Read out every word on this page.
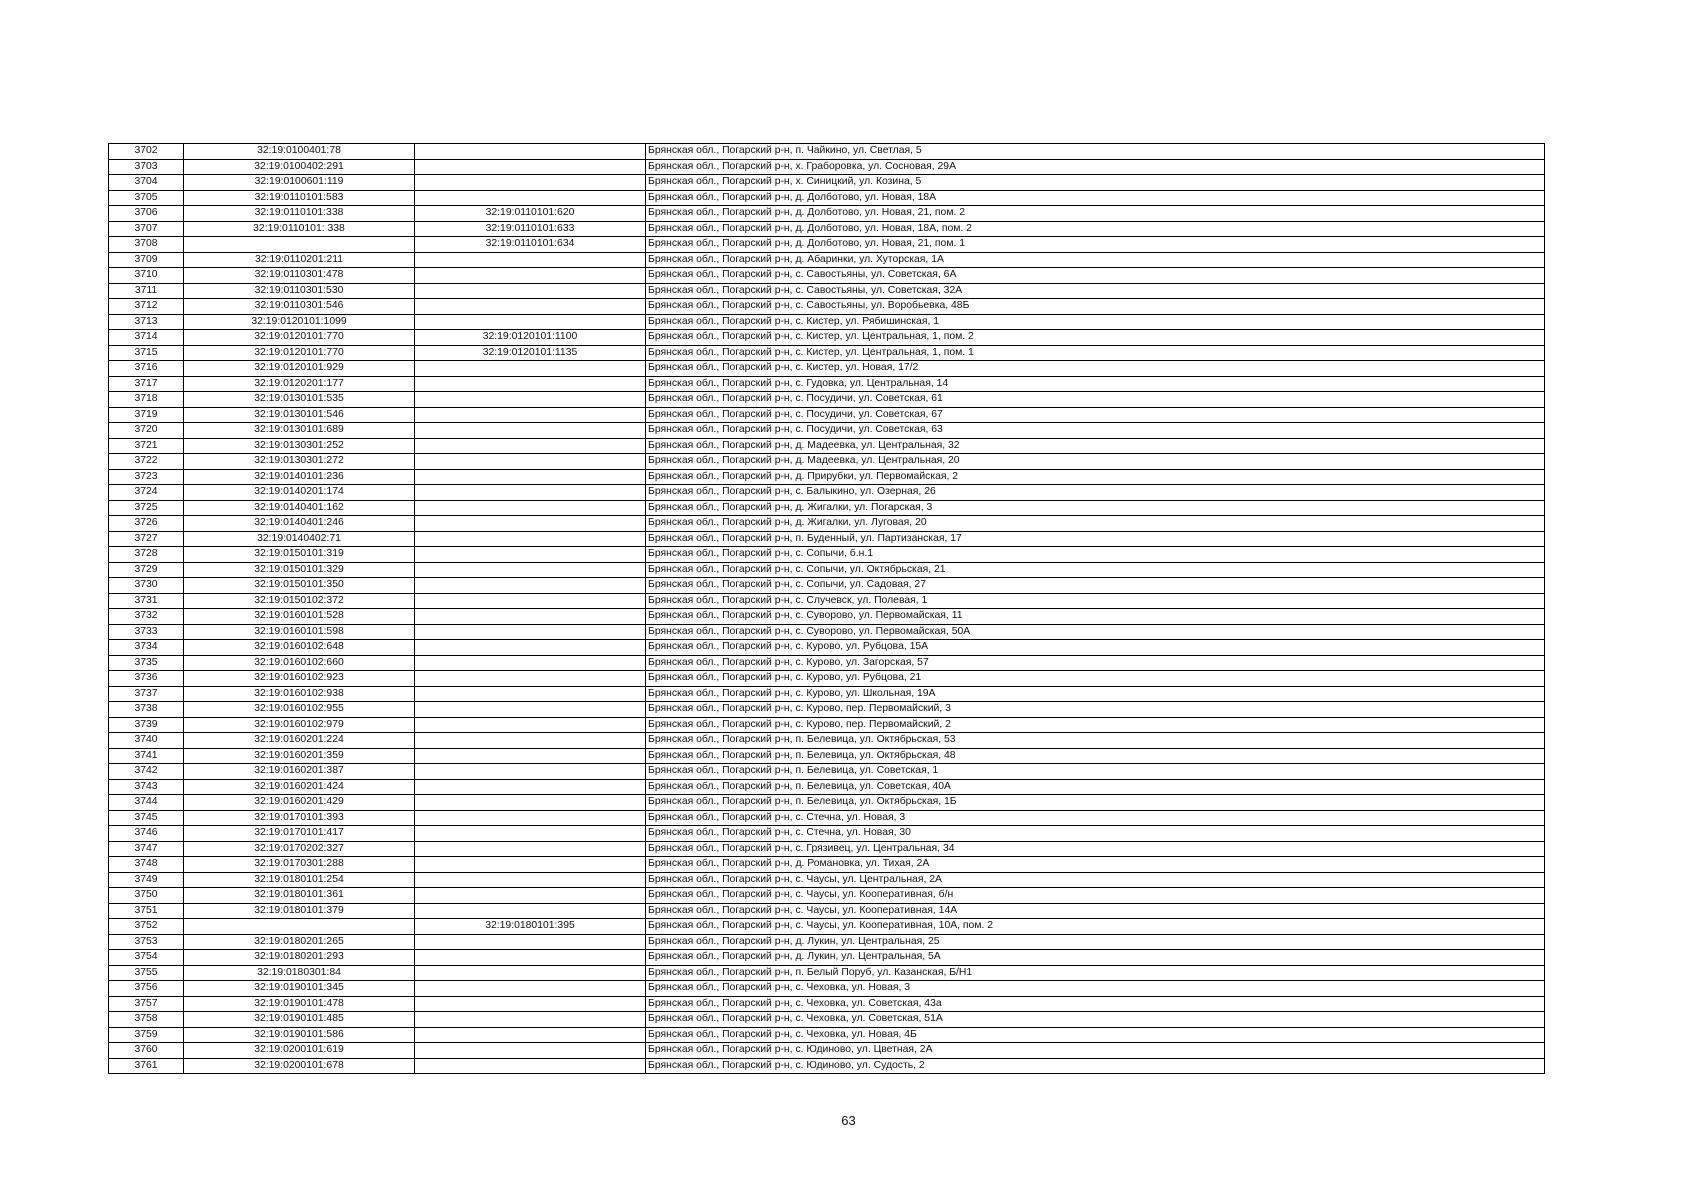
3702	32:19:0100401:78		Брянская обл., Погарский р-н, п. Чайкино, ул. Светлая, 5
3703	32:19:0100402:291		Брянская обл., Погарский р-н, х. Граборовка, ул. Сосновая, 29А
3704	32:19:0100601:119		Брянская обл., Погарский р-н, х. Синицкий, ул. Козина, 5
3705	32:19:0110101:583		Брянская обл., Погарский р-н, д. Долботово, ул. Новая, 18А
3706	32:19:0110101:338	32:19:0110101:620	Брянская обл., Погарский р-н, д. Долботово, ул. Новая, 21, пом. 2
3707	32:19:0110101: 338	32:19:0110101:633	Брянская обл., Погарский р-н, д. Долботово, ул. Новая, 18А, пом. 2
3708		32:19:0110101:634	Брянская обл., Погарский р-н, д. Долботово, ул. Новая, 21, пом. 1
3709	32:19:0110201:211		Брянская обл., Погарский р-н, д. Абаринки, ул. Хуторская, 1А
3710	32:19:0110301:478		Брянская обл., Погарский р-н, с. Савостьяны, ул. Советская, 6А
3711	32:19:0110301:530		Брянская обл., Погарский р-н, с. Савостьяны, ул. Советская, 32А
3712	32:19:0110301:546		Брянская обл., Погарский р-н, с. Савостьяны, ул. Воробьевка, 48Б
3713	32:19:0120101:1099		Брянская обл., Погарский р-н, с. Кистер, ул. Рябишинская, 1
3714	32:19:0120101:770	32:19:0120101:1100	Брянская обл., Погарский р-н, с. Кистер, ул. Центральная, 1, пом. 2
3715	32:19:0120101:770	32:19:0120101:1135	Брянская обл., Погарский р-н, с. Кистер, ул. Центральная, 1, пом. 1
3716	32:19:0120101:929		Брянская обл., Погарский р-н, с. Кистер, ул. Новая, 17/2
3717	32:19:0120201:177		Брянская обл., Погарский р-н, с. Гудовка, ул. Центральная, 14
3718	32:19:0130101:535		Брянская обл., Погарский р-н, с. Посудичи, ул. Советская, 61
3719	32:19:0130101:546		Брянская обл., Погарский р-н, с. Посудичи, ул. Советская, 67
3720	32:19:0130101:689		Брянская обл., Погарский р-н, с. Посудичи, ул. Советская, 63
3721	32:19:0130301:252		Брянская обл., Погарский р-н, д. Мадеевка, ул. Центральная, 32
3722	32:19:0130301:272		Брянская обл., Погарский р-н, д. Мадеевка, ул. Центральная, 20
3723	32:19:0140101:236		Брянская обл., Погарский р-н, д. Прирубки, ул. Первомайская, 2
3724	32:19:0140201:174		Брянская обл., Погарский р-н, с. Балыкино, ул. Озерная, 26
3725	32:19:0140401:162		Брянская обл., Погарский р-н, д. Жигалки, ул. Погарская, 3
3726	32:19:0140401:246		Брянская обл., Погарский р-н, д. Жигалки, ул. Луговая, 20
3727	32:19:0140402:71		Брянская обл., Погарский р-н, п. Буденный, ул. Партизанская, 17
3728	32:19:0150101:319		Брянская обл., Погарский р-н, с. Сопычи, б.н.1
3729	32:19:0150101:329		Брянская обл., Погарский р-н, с. Сопычи, ул. Октябрьская, 21
3730	32:19:0150101:350		Брянская обл., Погарский р-н, с. Сопычи, ул. Садовая, 27
3731	32:19:0150102:372		Брянская обл., Погарский р-н, с. Случевск, ул. Полевая, 1
3732	32:19:0160101:528		Брянская обл., Погарский р-н, с. Суворово, ул. Первомайская, 11
3733	32:19:0160101:598		Брянская обл., Погарский р-н, с. Суворово, ул. Первомайская, 50А
3734	32:19:0160102:648		Брянская обл., Погарский р-н, с. Курово, ул. Рубцова, 15А
3735	32:19:0160102:660		Брянская обл., Погарский р-н, с. Курово, ул. Загорская, 57
3736	32:19:0160102:923		Брянская обл., Погарский р-н, с. Курово, ул. Рубцова, 21
3737	32:19:0160102:938		Брянская обл., Погарский р-н, с. Курово, ул. Школьная, 19А
3738	32:19:0160102:955		Брянская обл., Погарский р-н, с. Курово, пер. Первомайский, 3
3739	32:19:0160102:979		Брянская обл., Погарский р-н, с. Курово, пер. Первомайский, 2
3740	32:19:0160201:224		Брянская обл., Погарский р-н, п. Белевица, ул. Октябрьская, 53
3741	32:19:0160201:359		Брянская обл., Погарский р-н, п. Белевица, ул. Октябрьская, 48
3742	32:19:0160201:387		Брянская обл., Погарский р-н, п. Белевица, ул. Советская, 1
3743	32:19:0160201:424		Брянская обл., Погарский р-н, п. Белевица, ул. Советская, 40А
3744	32:19:0160201:429		Брянская обл., Погарский р-н, п. Белевица, ул. Октябрьская, 1Б
3745	32:19:0170101:393		Брянская обл., Погарский р-н, с. Стечна, ул. Новая, 3
3746	32:19:0170101:417		Брянская обл., Погарский р-н, с. Стечна, ул. Новая, 30
3747	32:19:0170202:327		Брянская обл., Погарский р-н, с. Грязивец, ул. Центральная, 34
3748	32:19:0170301:288		Брянская обл., Погарский р-н, д. Романовка, ул. Тихая, 2А
3749	32:19:0180101:254		Брянская обл., Погарский р-н, с. Чаусы, ул. Центральная, 2А
3750	32:19:0180101:361		Брянская обл., Погарский р-н, с. Чаусы, ул. Кооперативная, б/н
3751	32:19:0180101:379		Брянская обл., Погарский р-н, с. Чаусы, ул. Кооперативная, 14А
3752		32:19:0180101:395	Брянская обл., Погарский р-н, с. Чаусы, ул. Кооперативная, 10А, пом. 2
3753	32:19:0180201:265		Брянская обл., Погарский р-н, д. Лукин, ул. Центральная, 25
3754	32:19:0180201:293		Брянская обл., Погарский р-н, д. Лукин, ул. Центральная, 5А
3755	32:19:0180301:84		Брянская обл., Погарский р-н, п. Белый Поруб, ул. Казанская, Б/Н1
3756	32:19:0190101:345		Брянская обл., Погарский р-н, с. Чеховка, ул. Новая, 3
3757	32:19:0190101:478		Брянская обл., Погарский р-н, с. Чеховка, ул. Советская, 43а
3758	32:19:0190101:485		Брянская обл., Погарский р-н, с. Чеховка, ул. Советская, 51А
3759	32:19:0190101:586		Брянская обл., Погарский р-н, с. Чеховка, ул. Новая, 4Б
3760	32:19:0200101:619		Брянская обл., Погарский р-н, с. Юдиново, ул. Цветная, 2А
3761	32:19:0200101:678		Брянская обл., Погарский р-н, с. Юдиново, ул. Судость, 2
63
